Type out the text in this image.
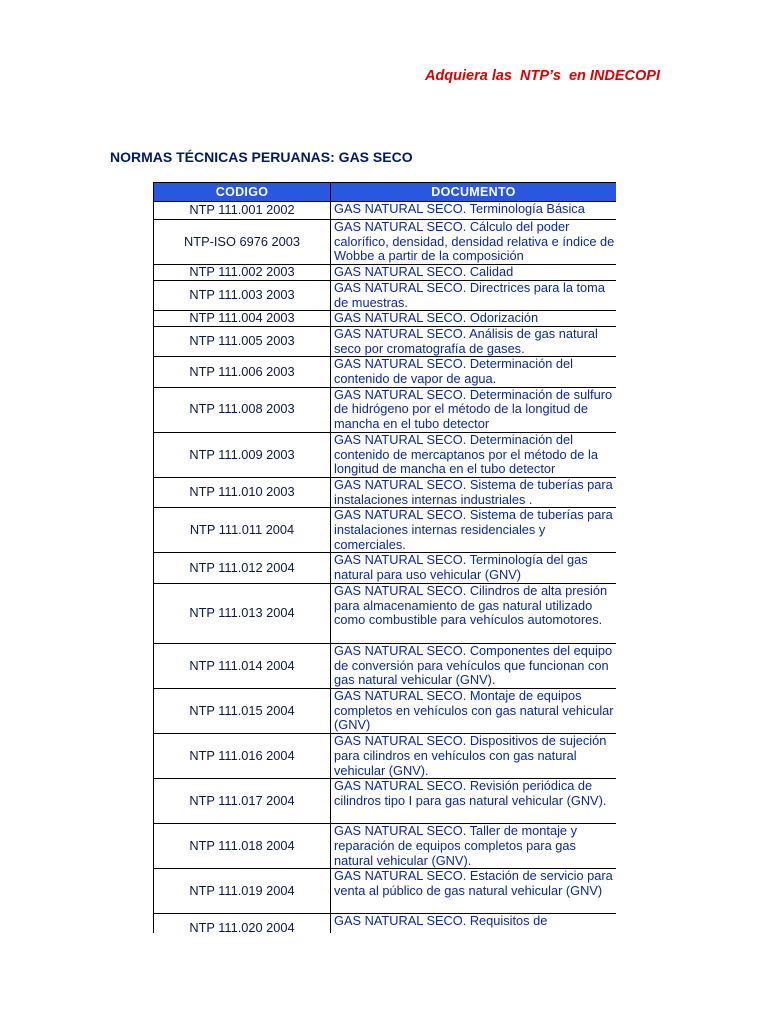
Adquiera las  NTP’s  en INDECOPI
NORMAS TÉCNICAS PERUANAS: GAS SECO
CODIGO	DOCUMENTO
NTP 111.001 2002	GAS NATURAL SECO. Terminología Básica
NTP-ISO 6976 2003	GAS NATURAL SECO. Cálculo del poder calorífico, densidad, densidad relativa e índice de Wobbe a partir de la composición
NTP 111.002 2003	GAS NATURAL SECO. Calidad
NTP 111.003 2003	GAS NATURAL SECO. Directrices para la toma de muestras.
NTP 111.004 2003	GAS NATURAL SECO. Odorización
NTP 111.005 2003	GAS NATURAL SECO. Análisis de gas natural seco por cromatografía de gases.
NTP 111.006 2003	GAS NATURAL SECO. Determinación del contenido de vapor de agua.
NTP 111.008 2003	GAS NATURAL SECO. Determinación de sulfuro de hidrógeno por el método de la longitud de mancha en el tubo detector
NTP 111.009 2003	GAS NATURAL SECO. Determinación del contenido de mercaptanos por el método de la longitud de mancha en el tubo detector
NTP 111.010 2003	GAS NATURAL SECO. Sistema de tuberías para instalaciones internas industriales .
NTP 111.011 2004	GAS NATURAL SECO. Sistema de tuberías para instalaciones internas residenciales y comerciales.
NTP 111.012 2004	GAS NATURAL SECO. Terminología del gas natural para uso vehicular (GNV)
NTP 111.013 2004	GAS NATURAL SECO. Cilindros de alta presión para almacenamiento de gas natural utilizado como combustible para vehículos automotores.
NTP 111.014 2004	GAS NATURAL SECO. Componentes del equipo de conversión para vehículos que funcionan con gas natural vehicular (GNV).
NTP 111.015 2004	GAS NATURAL SECO. Montaje de equipos completos en vehículos con gas natural vehicular (GNV)
NTP 111.016 2004	GAS NATURAL SECO. Dispositivos de sujeción para cilindros en vehículos con gas natural vehicular (GNV).
NTP 111.017 2004	GAS NATURAL SECO. Revisión periódica de cilindros tipo I para gas natural vehicular (GNV).
NTP 111.018 2004	GAS NATURAL SECO. Taller de montaje y reparación de equipos completos para gas natural vehicular (GNV).
NTP 111.019 2004	GAS NATURAL SECO. Estación de servicio para venta al público de gas natural vehicular (GNV)
NTP 111.020 2004	GAS NATURAL SECO. Requisitos de
